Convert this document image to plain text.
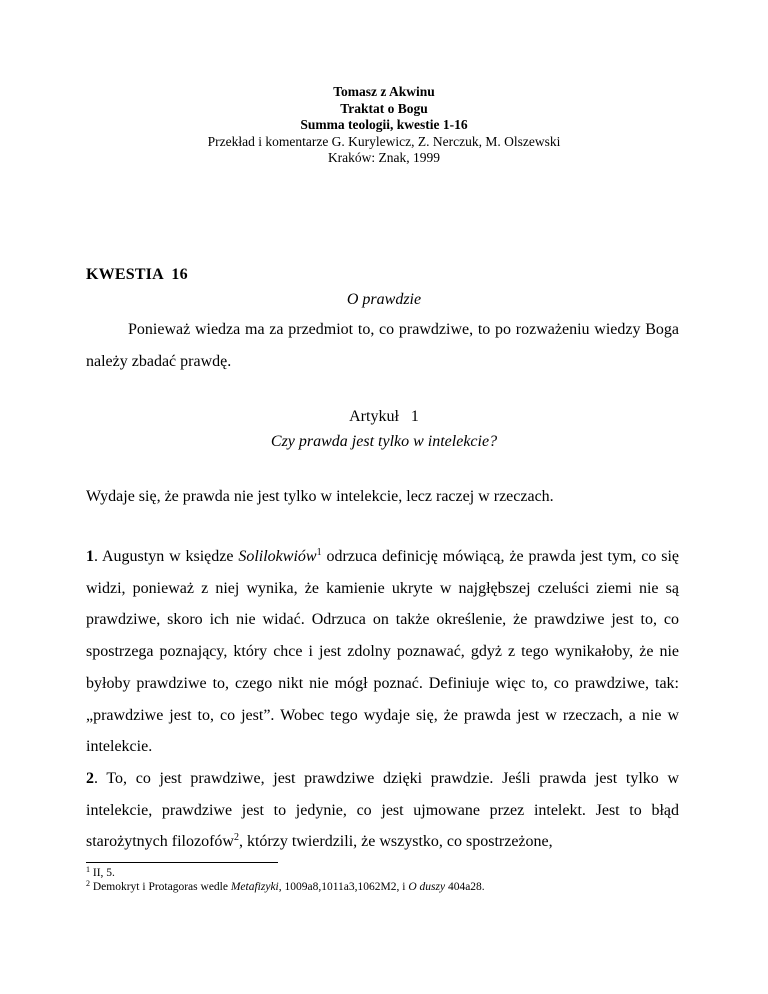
Tomasz z Akwinu
Traktat o Bogu
Summa teologii, kwestie 1-16
Przekład i komentarze G. Kurylewicz, Z. Nerczuk, M. Olszewski
Kraków: Znak, 1999
KWESTIA  16
O prawdzie
Ponieważ wiedza ma za przedmiot to, co prawdziwe, to po rozważeniu wiedzy Boga należy zbadać prawdę.
Artykuł   1
Czy prawda jest tylko w intelekcie?
Wydaje się, że prawda nie jest tylko w intelekcie, lecz raczej w rzeczach.
1. Augustyn w księdze Solilokwiów$^1$ odrzuca definicję mówiącą, że prawda jest tym, co się widzi, ponieważ z niej wynika, że kamienie ukryte w najgłębszej czeluści ziemi nie są prawdziwe, skoro ich nie widać. Odrzuca on także określenie, że prawdziwe jest to, co spostrzega poznający, który chce i jest zdolny poznawać, gdyż z tego wynikałoby, że nie byłoby prawdziwe to, czego nikt nie mógł poznać. Definiuje więc to, co prawdziwe, tak: „prawdziwe jest to, co jest”. Wobec tego wydaje się, że prawda jest w rzeczach, a nie w intelekcie.
2. To, co jest prawdziwe, jest prawdziwe dzięki prawdzie. Jeśli prawda jest tylko w intelekcie, prawdziwe jest to jedynie, co jest ujmowane przez intelekt. Jest to błąd starożytnych filozofów$^2$, którzy twierdzili, że wszystko, co spostrzeżone,
$^1$ II, 5.
$^2$ Demokryt i Protagoras wedle Metafizyki, 1009a8,1011a3,1062M2, i O duszy 404a28.
